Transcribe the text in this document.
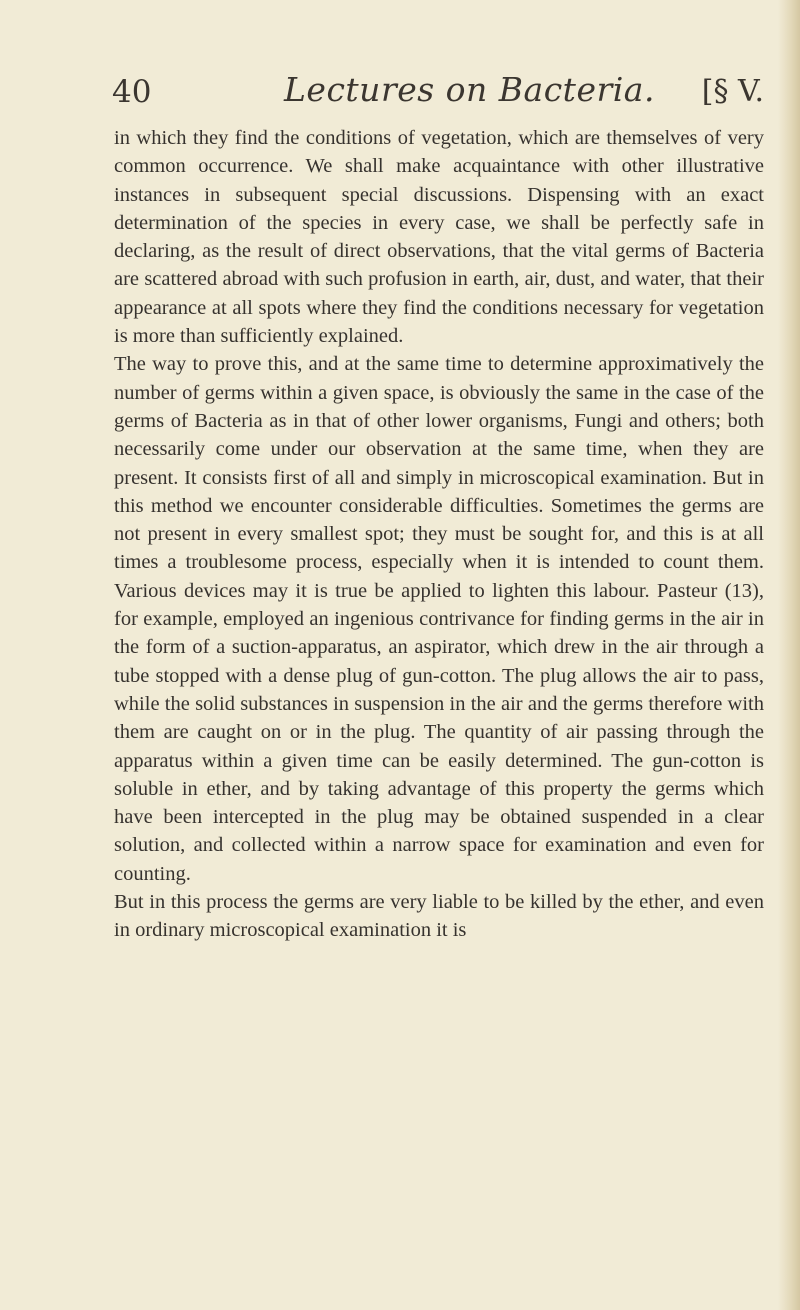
40	Lectures on Bacteria. [§ V.

in which they find the conditions of vegetation, which are themselves of very common occurrence. We shall make acquaintance with other illustrative instances in subsequent special discussions. Dispensing with an exact determination of the species in every case, we shall be perfectly safe in declaring, as the result of direct observations, that the vital germs of Bacteria are scattered abroad with such profusion in earth, air, dust, and water, that their appearance at all spots where they find the conditions necessary for vegetation is more than sufficiently explained.

The way to prove this, and at the same time to determine approximatively the number of germs within a given space, is obviously the same in the case of the germs of Bacteria as in that of other lower organisms, Fungi and others; both necessarily come under our observation at the same time, when they are present. It consists first of all and simply in microscopical examination. But in this method we encounter considerable difficulties. Sometimes the germs are not present in every smallest spot; they must be sought for, and this is at all times a troublesome process, especially when it is intended to count them. Various devices may it is true be applied to lighten this labour. Pasteur (13), for example, employed an ingenious contrivance for finding germs in the air in the form of a suction-apparatus, an aspirator, which drew in the air through a tube stopped with a dense plug of gun-cotton. The plug allows the air to pass, while the solid substances in suspension in the air and the germs therefore with them are caught on or in the plug. The quantity of air passing through the apparatus within a given time can be easily determined. The gun-cotton is soluble in ether, and by taking advantage of this property the germs which have been intercepted in the plug may be obtained suspended in a clear solution, and collected within a narrow space for examination and even for counting.

But in this process the germs are very liable to be killed by the ether, and even in ordinary microscopical examination it is
